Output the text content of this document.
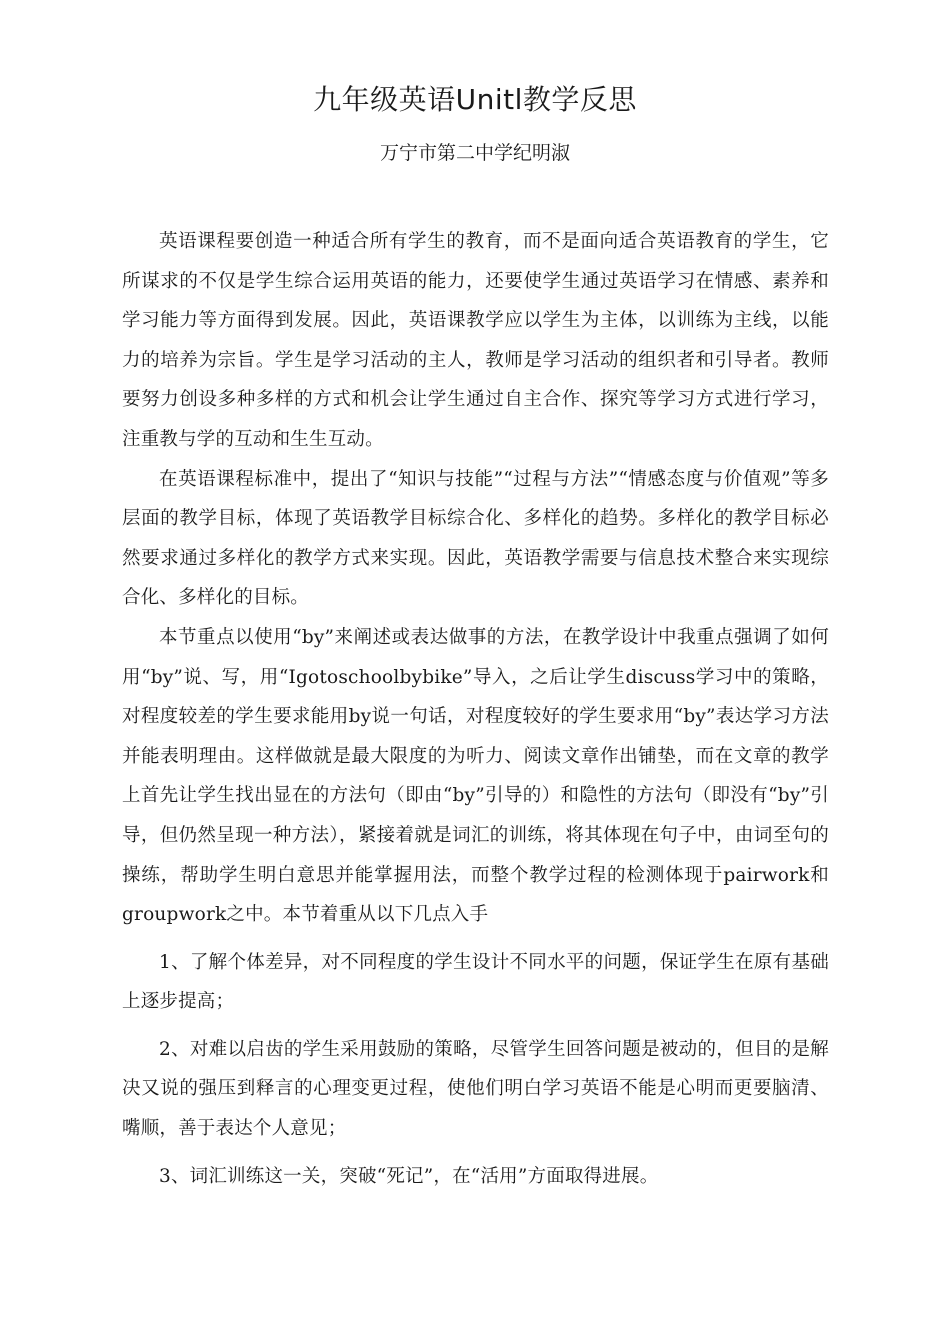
九年级英语Unitl教学反思
万宁市第二中学纪明淑

英语课程要创造一种适合所有学生的教育，而不是面向适合英语教育的学生，它所谋求的不仅是学生综合运用英语的能力，还要使学生通过英语学习在情感、素养和学习能力等方面得到发展。因此，英语课教学应以学生为主体，以训练为主线，以能力的培养为宗旨。学生是学习活动的主人，教师是学习活动的组织者和引导者。教师要努力创设多种多样的方式和机会让学生通过自主合作、探究等学习方式进行学习，注重教与学的互动和生生互动。

在英语课程标准中，提出了“知识与技能”“过程与方法”“情感态度与价值观”等多层面的教学目标，体现了英语教学目标综合化、多样化的趋势。多样化的教学目标必然要求通过多样化的教学方式来实现。因此，英语教学需要与信息技术整合来实现综合化、多样化的目标。

本节重点以使用“by”来阐述或表达做事的方法，在教学设计中我重点强调了如何用“by”说、写，用“Igotoschoolbybike”导入，之后让学生discuss学习中的策略，对程度较差的学生要求能用by说一句话，对程度较好的学生要求用“by”表达学习方法并能表明理由。这样做就是最大限度的为听力、阅读文章作出铺垫，而在文章的教学上首先让学生找出显在的方法句（即由“by”引导的）和隐性的方法句（即没有“by”引导，但仍然呈现一种方法），紧接着就是词汇的训练，将其体现在句子中，由词至句的操练，帮助学生明白意思并能掌握用法，而整个教学过程的检测体现于pairwork和groupwork之中。本节着重从以下几点入手

1、了解个体差异，对不同程度的学生设计不同水平的问题，保证学生在原有基础上逐步提高；

2、对难以启齿的学生采用鼓励的策略，尽管学生回答问题是被动的，但目的是解决又说的强压到释言的心理变更过程，使他们明白学习英语不能是心明而更要脑清、嘴顺，善于表达个人意见；

3、词汇训练这一关，突破“死记”，在“活用”方面取得进展。
